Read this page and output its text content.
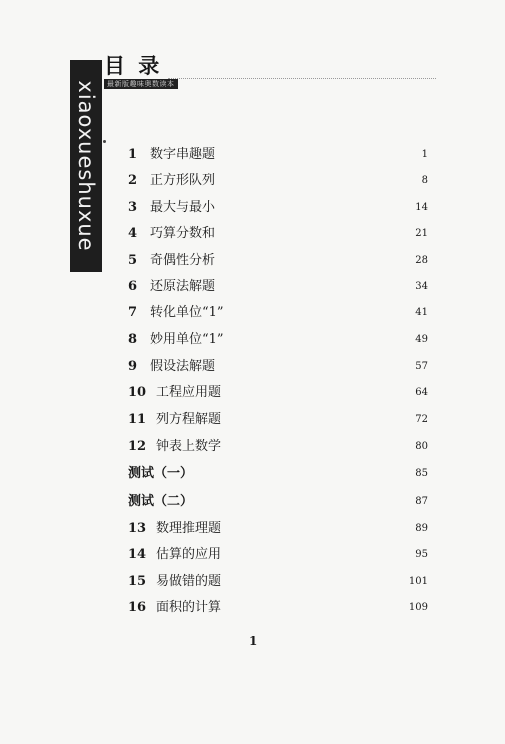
xiaoxueshuxue
目 录
最新版趣味奥数读本
1 数字串趣题	1
2 正方形队列	8
3 最大与最小	14
4 巧算分数和	21
5 奇偶性分析	28
6 还原法解题	34
7 转化单位“1”	41
8 妙用单位“1”	49
9 假设法解题	57
10 工程应用题	64
11 列方程解题	72
12 钟表上数学	80
测试（一）	85
测试（二）	87
13 数理推理题	89
14 估算的应用	95
15 易做错的题	101
16 面积的计算	109
1
